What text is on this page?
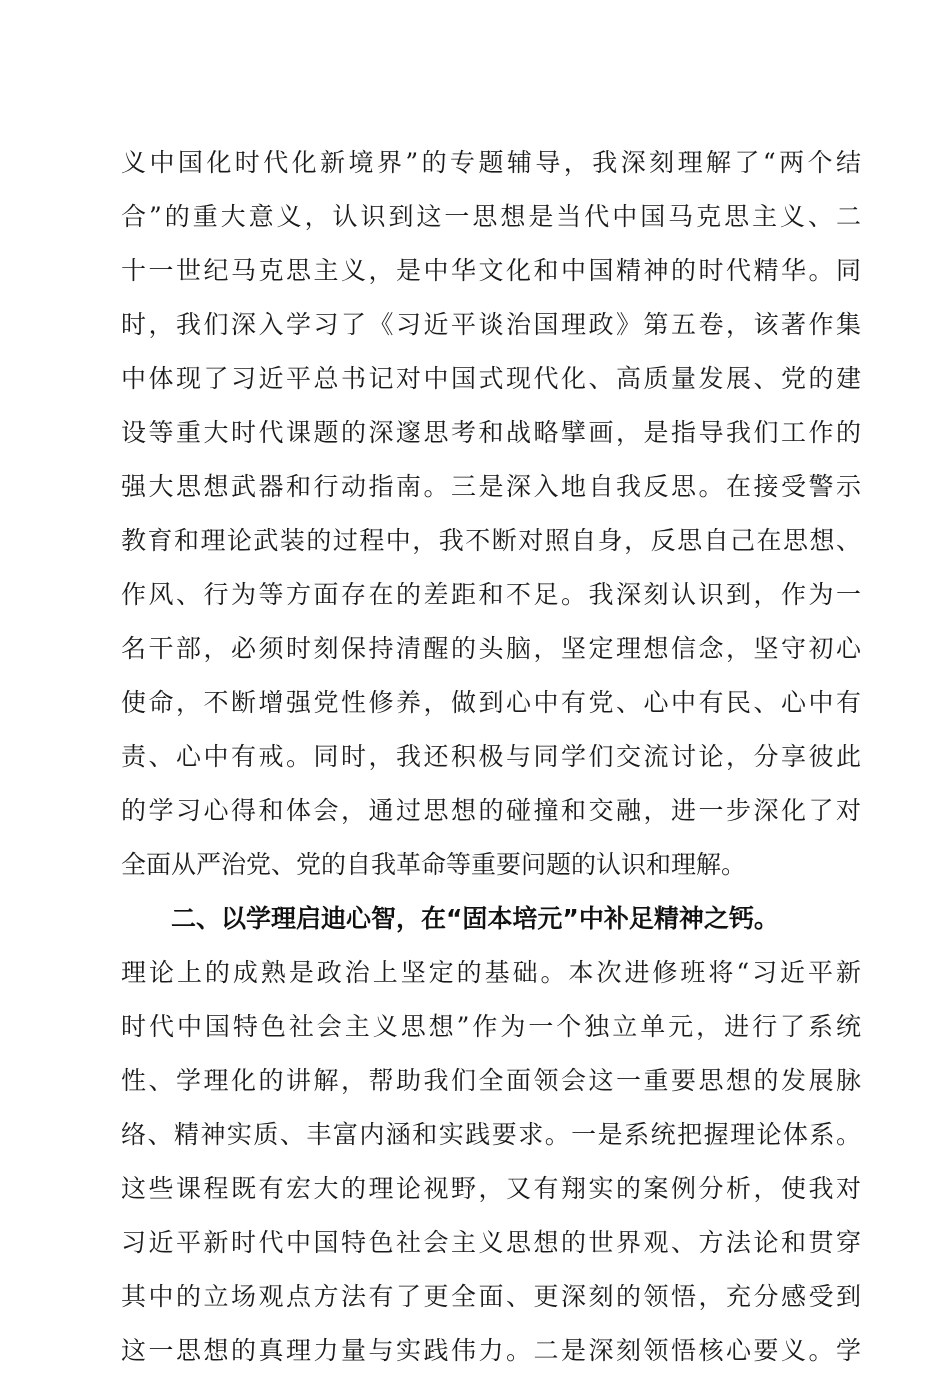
义中国化时代化新境界”的专题辅导，我深刻理解了“两个结
合”的重大意义，认识到这一思想是当代中国马克思主义、二
十一世纪马克思主义，是中华文化和中国精神的时代精华。同
时，我们深入学习了《习近平谈治国理政》第五卷，该著作集
中体现了习近平总书记对中国式现代化、高质量发展、党的建
设等重大时代课题的深邃思考和战略擘画，是指导我们工作的
强大思想武器和行动指南。三是深入地自我反思。在接受警示
教育和理论武装的过程中，我不断对照自身，反思自己在思想、
作风、行为等方面存在的差距和不足。我深刻认识到，作为一
名干部，必须时刻保持清醒的头脑，坚定理想信念，坚守初心
使命，不断增强党性修养，做到心中有党、心中有民、心中有
责、心中有戒。同时，我还积极与同学们交流讨论，分享彼此
的学习心得和体会，通过思想的碰撞和交融，进一步深化了对
全面从严治党、党的自我革命等重要问题的认识和理解。
二、以学理启迪心智，在“固本培元”中补足精神之钙。
理论上的成熟是政治上坚定的基础。本次进修班将“习近平新
时代中国特色社会主义思想”作为一个独立单元，进行了系统
性、学理化的讲解，帮助我们全面领会这一重要思想的发展脉
络、精神实质、丰富内涵和实践要求。一是系统把握理论体系。
这些课程既有宏大的理论视野，又有翔实的案例分析，使我对
习近平新时代中国特色社会主义思想的世界观、方法论和贯穿
其中的立场观点方法有了更全面、更深刻的领悟，充分感受到
这一思想的真理力量与实践伟力。二是深刻领悟核心要义。学
